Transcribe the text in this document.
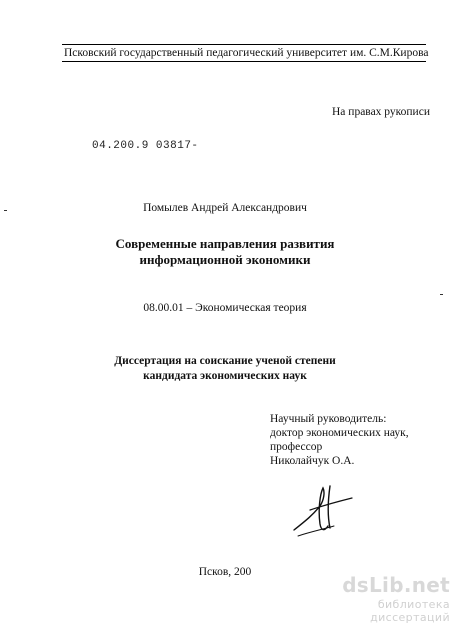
Псковский государственный педагогический университет им. С.М.Кирова
На правах рукописи
04.200.9 03817-
Помылев Андрей Александрович
Современные направления развития
информационной экономики
08.00.01 – Экономическая теория
Диссертация на соискание ученой степени
кандидата экономических наук
Научный руководитель:
доктор экономических наук,
профессор
Николайчук О.А.
Псков, 200
dsLib.net
библиотека диссертаций
